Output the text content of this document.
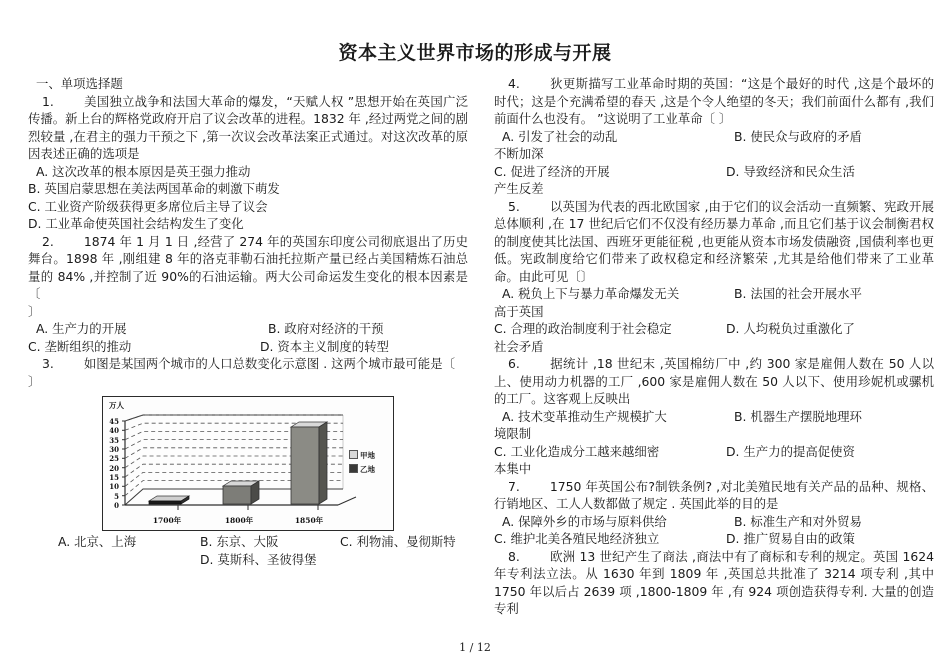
资本主义世界市场的形成与开展
一、单项选择题
1. 美国独立战争和法国大革命的爆发，“天赋人权 ”思想开始在英国广泛传播。新上台的辉格党政府开启了议会改革的进程。1832 年 ,经过两党之间的剧烈较量 ,在君主的强力干预之下 ,第一次议会改革法案正式通过。对这次改革的原因表述正确的选项是
A. 这次改革的根本原因是英王强力推动
B. 英国启蒙思想在美法两国革命的刺激下萌发
C. 工业资产阶级获得更多席位后主导了议会
D. 工业革命使英国社会结构发生了变化
2. 1874 年 1 月 1 日 ,经营了 274 年的英国东印度公司彻底退出了历史舞台。1898 年 ,刚组建 8 年的洛克菲勒石油托拉斯产量已经占美国精炼石油总量的 84% ,并控制了近 90%的石油运输。两大公司命运发生变化的根本因素是〔
〕
A. 生产力的开展	B. 政府对经济的干预
C. 垄断组织的推动	D. 资本主义制度的转型
3. 如图是某国两个城市的人口总数变化示意图 . 这两个城市最可能是〔
〕
万人
45
40
35
30
25
20
15
10
5
0
1700年	1800年	1850年
甲地
乙地
A. 北京、上海	B. 东京、大阪	C. 利物浦、曼彻斯特
D. 莫斯科、圣彼得堡
4. 狄更斯描写工业革命时期的英国：“这是个最好的时代 ,这是个最坏的时代；这是个充满希望的春天 ,这是个令人绝望的冬天；我们前面什么都有 ,我们前面什么也没有。 ”这说明了工业革命〔 〕
A. 引发了社会的动乱	B. 使民众与政府的矛盾
不断加深
C. 促进了经济的开展	D. 导致经济和民众生活
产生反差
5. 以英国为代表的西北欧国家 ,由于它们的议会活动一直频繁、宪政开展总体顺利 ,在 17 世纪后它们不仅没有经历暴力革命 ,而且它们基于议会制衡君权的制度使其比法国、西班牙更能征税 ,也更能从资本市场发债融资 ,国债利率也更低。宪政制度给它们带来了政权稳定和经济繁荣 ,尤其是给他们带来了工业革命。由此可见〔〕
A. 税负上下与暴力革命爆发无关	B. 法国的社会开展水平
高于英国
C. 合理的政治制度利于社会稳定	D. 人均税负过重激化了
社会矛盾
6. 据统计 ,18 世纪末 ,英国棉纺厂中 ,约 300 家是雇佣人数在 50 人以上、使用动力机器的工厂 ,600 家是雇佣人数在 50 人以下、使用珍妮机或骡机的工厂。这客观上反映出
A. 技术变革推动生产规模扩大	B. 机器生产摆脱地理环
境限制
C. 工业化造成分工越来越细密	D. 生产力的提高促使资
本集中
7. 1750 年英国公布?制铁条例? ,对北美殖民地有关产品的品种、规格、行销地区、工人人数都做了规定 . 英国此举的目的是
A. 保障外乡的市场与原料供给	B. 标准生产和对外贸易
C. 维护北美各殖民地经济独立	D. 推广贸易自由的政策
8. 欧洲 13 世纪产生了商法 ,商法中有了商标和专利的规定。英国 1624 年专利法立法。从 1630 年到 1809 年 ,英国总共批准了 3214 项专利 ,其中 1750 年以后占 2639 项 ,1800-1809 年 ,有 924 项创造获得专利. 大量的创造专利
1 / 12
